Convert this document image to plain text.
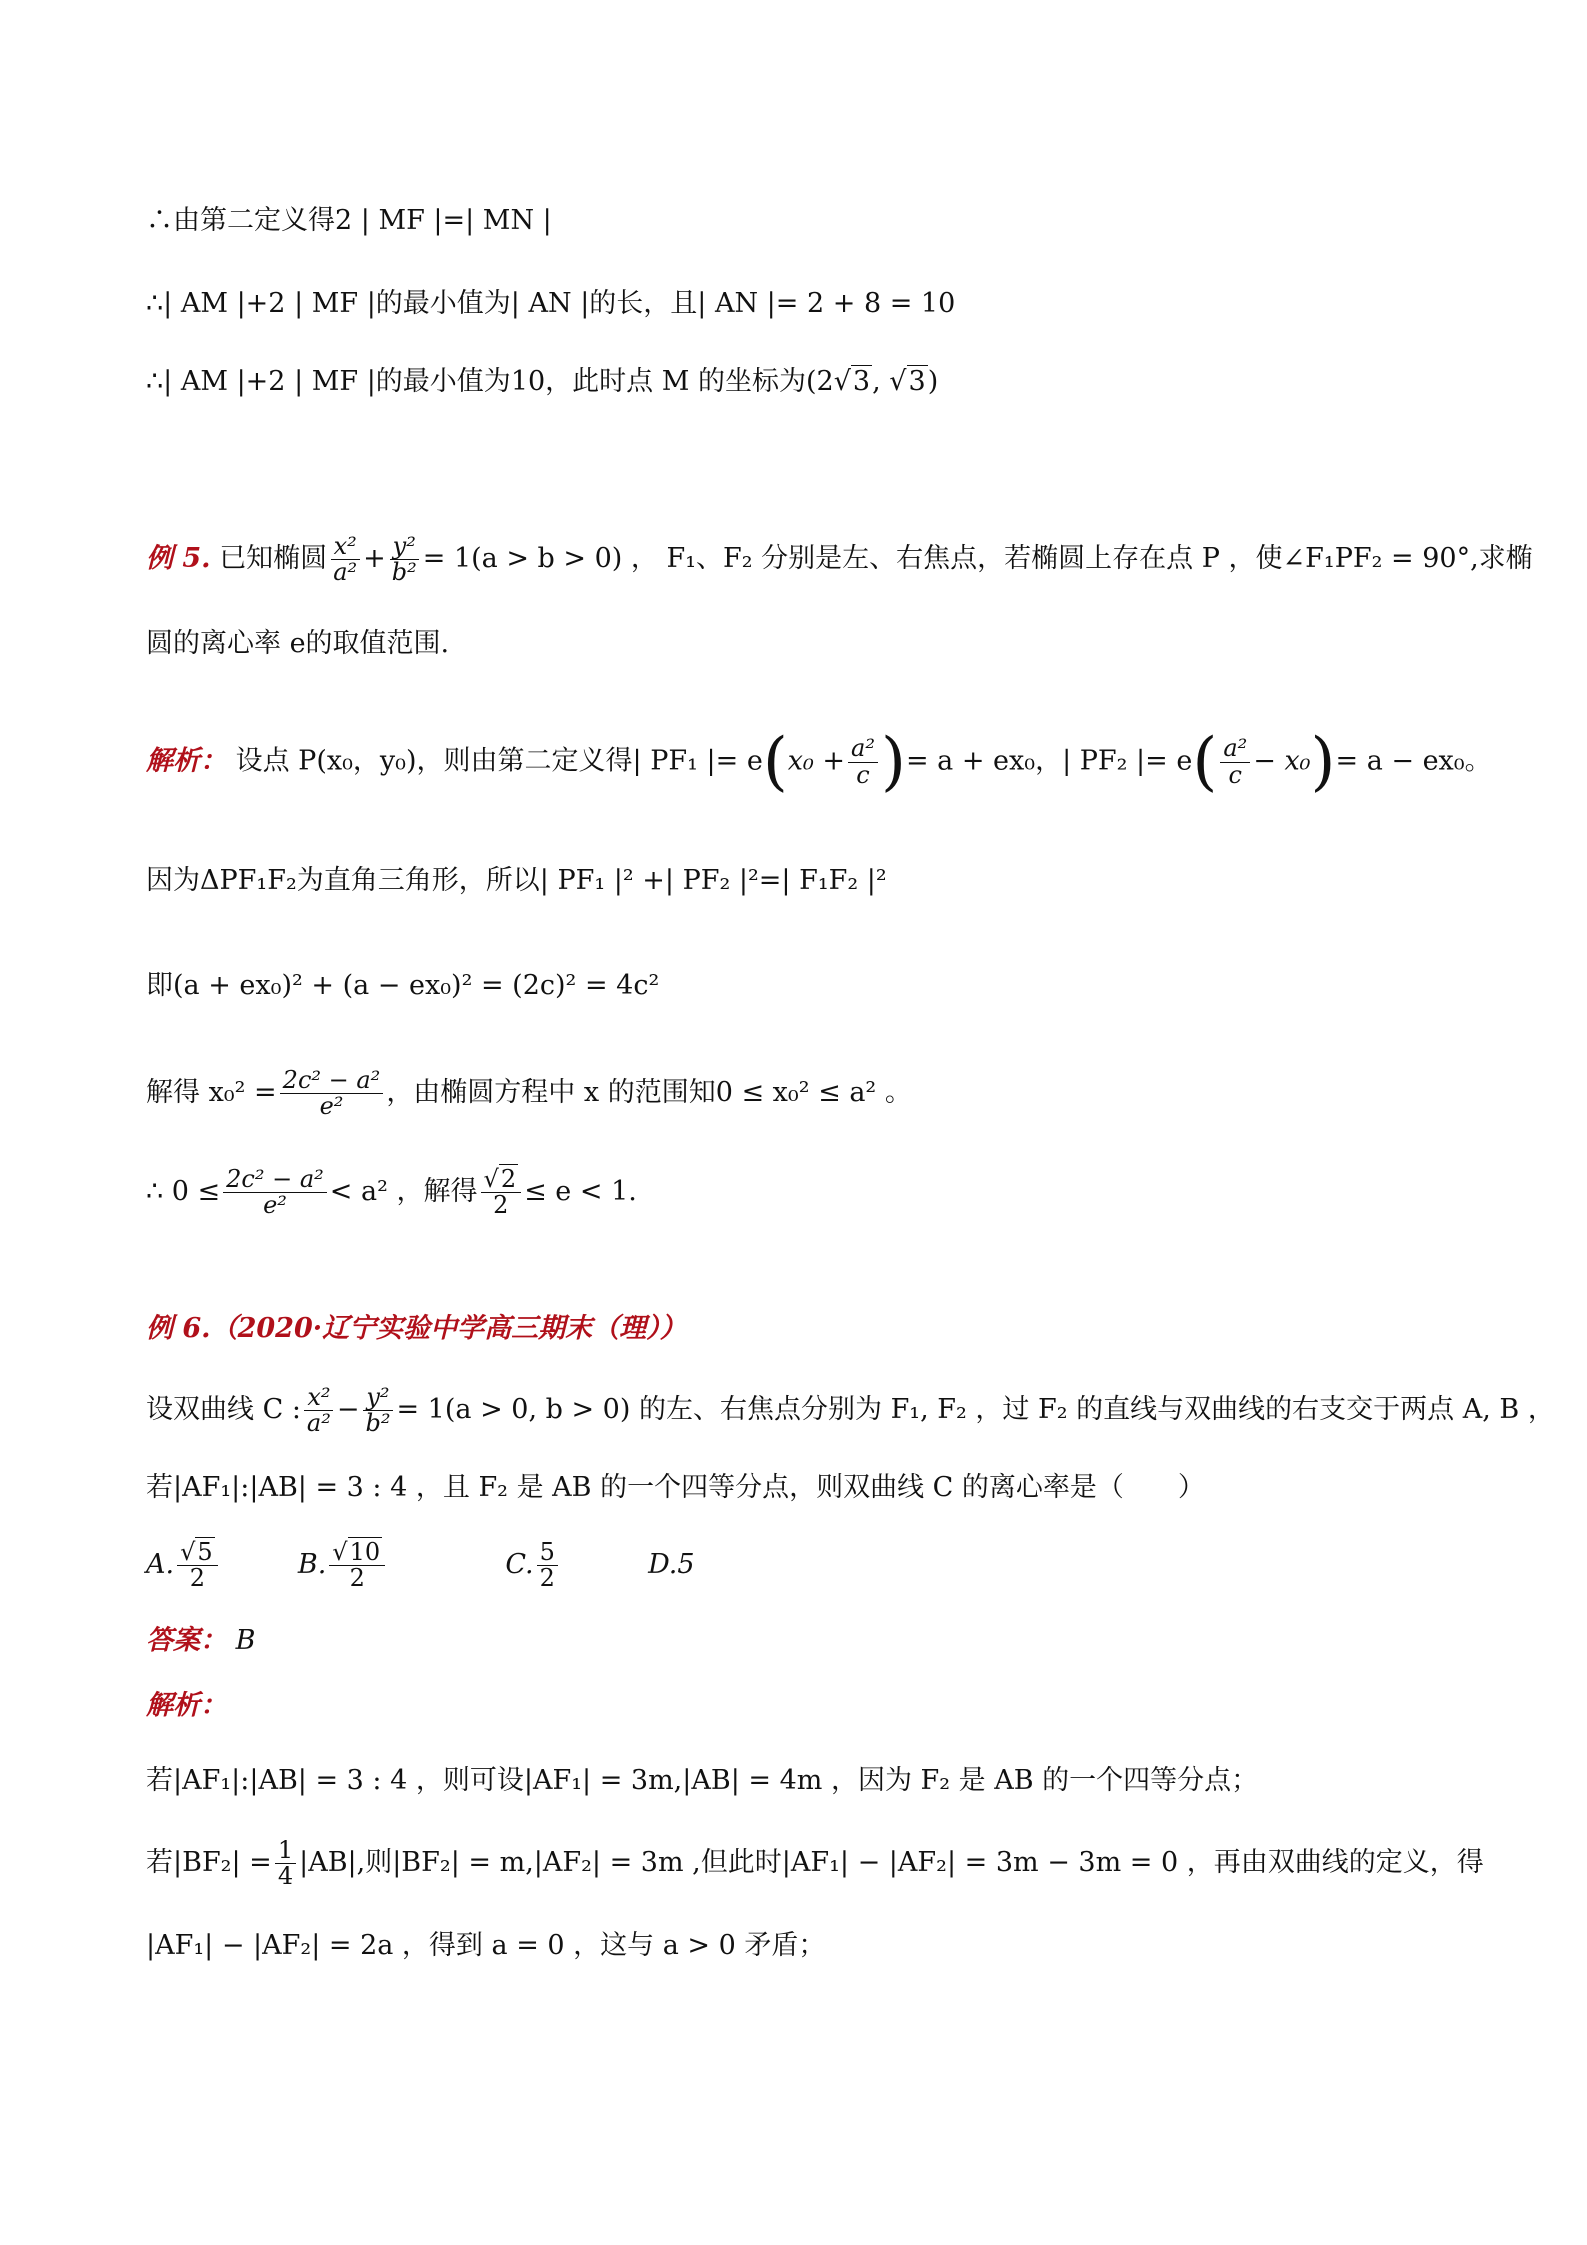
∴由第二定义得2 | MF |=| MN |
∴| AM |+2 | MF |的最小值为| AN |的长，且| AN |= 2 + 8 = 10
∴| AM |+2 | MF |的最小值为10，此时点 M 的坐标为(2√3, √3)
例 5. 已知椭圆 $\frac{\text{x²}}{\text{a²}} + \frac{\text{y²}}{\text{b²}} = 1(a > b > 0)$ ， F₁、F₂ 分别是左、右焦点，若椭圆上存在点 P ，使∠F₁PF₂ = 90°,求椭
圆的离心率 e的取值范围.
解析： 设点 P(x₀，y₀)，则由第二定义得| PF₁ |= $e(x_0 + \frac{\text{a²}}{c}$ )= a + ex₀，| PF₂ |= $e( \frac{\text{a²}}{c} - x_0)= a - ex_0$。
因为ΔPF₁F₂为直角三角形，所以| PF₁ |² +| PF₂ |²=| F₁F₂ |²
即(a + ex₀)² + (a − ex₀)² = (2c)² = 4c²
解得 $x_0^2 = \frac{\text{2c² − a²}}{\text{e²}}$ ，由椭圆方程中 x 的范围知0 ≤ x₀² ≤ a² 。
∴ $0 \le \frac{\text{2c² − a²}}{\text{e²}} < a^2$ ，解得 $\frac{√2}{2} \le e < 1$.
例 6.（2020·辽宁实验中学高三期末（理））
设双曲线 C : $\frac{\text{x²}}{\text{a²}} - \frac{\text{y²}}{\text{b²}} = 1(a > 0$, b > 0) 的左、右焦点分别为 F₁, F₂ ，过 F₂ 的直线与双曲线的右支交于两点 A, B ，
若|AF₁|:|AB| = 3 : 4 ，且 F₂ 是 AB 的一个四等分点，则双曲线 C 的离心率是（　　）
A. $\frac{√5}{2}$	B. $\frac{√10}{2}$	C. $\frac{5}{2}$	D.5
答案： B
解析：
若|AF₁|:|AB| = 3 : 4 ，则可设|AF₁| = 3m,|AB| = 4m ，因为 F₂ 是 AB 的一个四等分点；
若$|BF_2| = \frac{1}{4} |AB|$,则|BF₂| = m,|AF₂| = 3m ,但此时|AF₁| − |AF₂| = 3m − 3m = 0 ，再由双曲线的定义，得
|AF₁| − |AF₂| = 2a ，得到 a = 0 ，这与 a > 0 矛盾；
